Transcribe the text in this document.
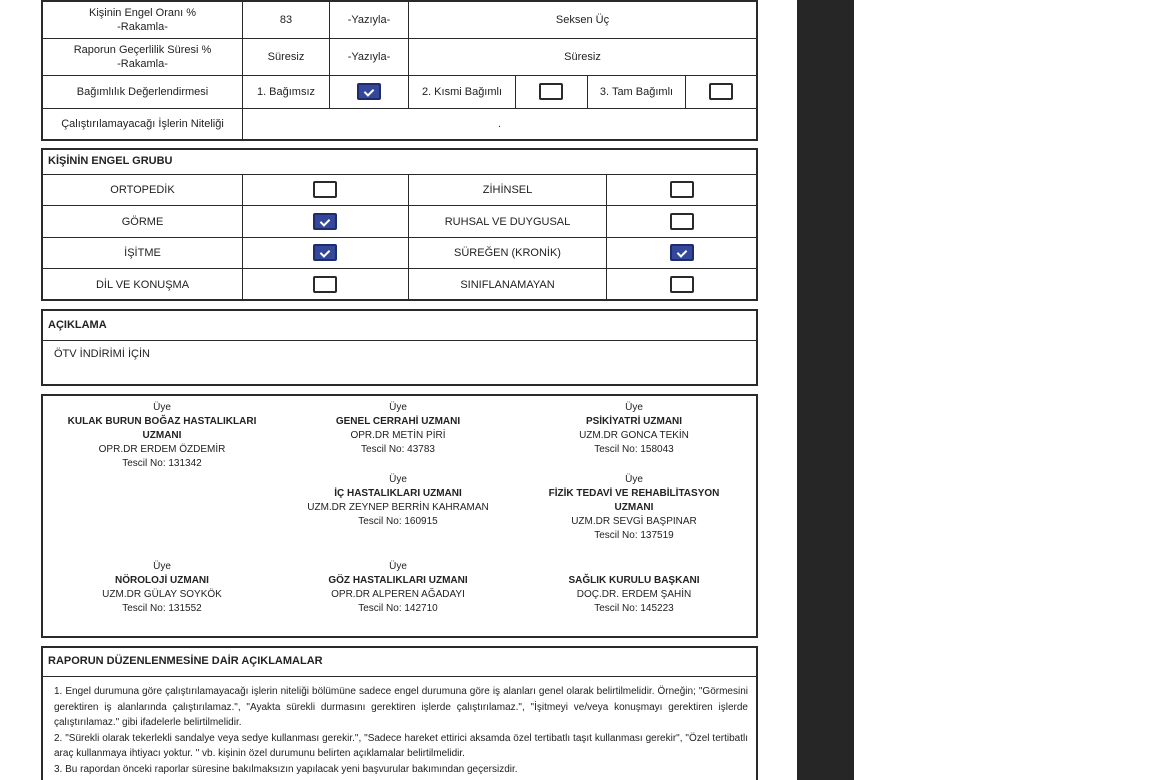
Kişinin Engel Oranı %
-Rakamla-
83	-Yazıyla-	Seksen Üç
Raporun Geçerlilik Süresi %
-Rakamla-
Süresiz	-Yazıyla-	Süresiz
Bağımlılık Değerlendirmesi	1. Bağımsız	2. Kısmi Bağımlı	3. Tam Bağımlı
Çalıştırılamayacağı İşlerin Niteliği	.
KİŞİNİN ENGEL GRUBU
ORTOPEDİK	ZİHİNSEL
GÖRME	RUHSAL VE DUYGUSAL
İŞİTME	SÜREĞEN (KRONİK)
DİL VE KONUŞMA	SINIFLANAMAYAN
AÇIKLAMA
ÖTV İNDİRİMİ İÇİN
Üye
KULAK BURUN BOĞAZ HASTALIKLARI UZMANI
OPR.DR ERDEM ÖZDEMİR
Tescil No: 131342
Üye
GENEL CERRAHİ UZMANI
OPR.DR METİN PİRİ
Tescil No: 43783
Üye
PSİKİYATRİ UZMANI
UZM.DR GONCA TEKİN
Tescil No: 158043
Üye
İÇ HASTALIKLARI UZMANI
UZM.DR ZEYNEP BERRİN KAHRAMAN
Tescil No: 160915
Üye
FİZİK TEDAVİ VE REHABİLİTASYON UZMANI
UZM.DR SEVGİ BAŞPINAR
Tescil No: 137519
Üye
NÖROLOJİ UZMANI
UZM.DR GÜLAY SOYKÖK
Tescil No: 131552
Üye
GÖZ HASTALIKLARI UZMANI
OPR.DR ALPEREN AĞADAYI
Tescil No: 142710
SAĞLIK KURULU BAŞKANI
DOÇ.DR. ERDEM ŞAHİN
Tescil No: 145223
RAPORUN DÜZENLENMESİNE DAİR AÇIKLAMALAR
1. Engel durumuna göre çalıştırılamayacağı işlerin niteliği bölümüne sadece engel durumuna göre iş alanları genel olarak belirtilmelidir. Örneğin; "Görmesini gerektiren iş alanlarında çalıştırılamaz.", "Ayakta sürekli durmasını gerektiren işlerde çalıştırılamaz.", "İşitmeyi ve/veya konuşmayı gerektiren işlerde çalıştırılamaz." gibi ifadelerle belirtilmelidir.
2. "Sürekli olarak tekerlekli sandalye veya sedye kullanması gerekir.", "Sadece hareket ettirici aksamda özel tertibatlı taşıt kullanması gerekir", "Özel tertibatlı araç kullanmaya ihtiyacı yoktur. " vb. kişinin özel durumunu belirten açıklamalar belirtilmelidir.
3. Bu rapordan önceki raporlar süresine bakılmaksızın yapılacak yeni başvurular bakımından geçersizdir.
